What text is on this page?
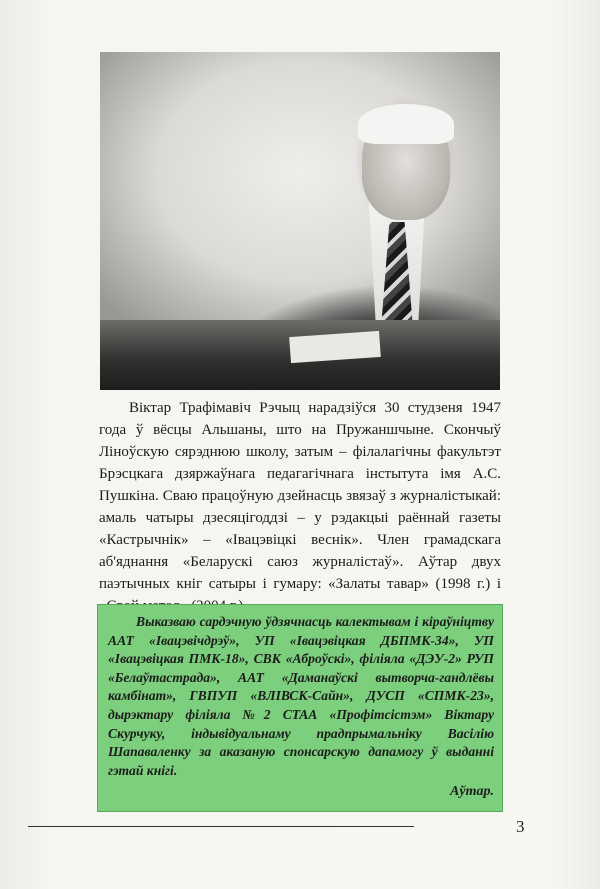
Віктар Трафімавіч Рэчыц нарадзіўся 30 студзеня 1947 года ў вёсцы Альшаны, што на Пружаншчыне. Скончыў Ліноўскую сярэднюю школу, затым – філалагічны факультэт Брэсцкага дзяржаўнага педагагічнага інстытута імя А.С. Пушкіна. Сваю працоўную дзейнасць звязаў з журналістыкай: амаль чатыры дзесяцігоддзі – у рэдакцыі раённай газеты «Кастрычнік» – «Івацэвіцкі веснік». Член грамадскага аб'яднання «Беларускі саюз журналістаў». Аўтар двух паэтычных кніг сатыры і гумару: «Залаты тавар» (1998 г.) і

Выказваю сардэчную ўдзячнасць калектывам і кіраўніцтву ААТ «Івацэвічдрэў», УП «Івацэвіцкая ДБПМК-34», УП «Івацэвіцкая ПМК-18», СВК «Аброўскі», філіяла «ДЭУ-2» РУП «Белаўтастрада», ААТ «Даманаўскі вытворча-гандлёвы камбінат», ГВПУП «ВЛІВСК-Сайн», ДУСП «СПМК-23», дырэктару філіяла №2 СТАА «Профітсістэм» Віктару Скурчуку, індывідуальнаму прадпрымальніку Васілію Шапаваленку за аказаную спонсарскую дапамогу ў выданні гэтай кнігі.

Аўтар.
3
